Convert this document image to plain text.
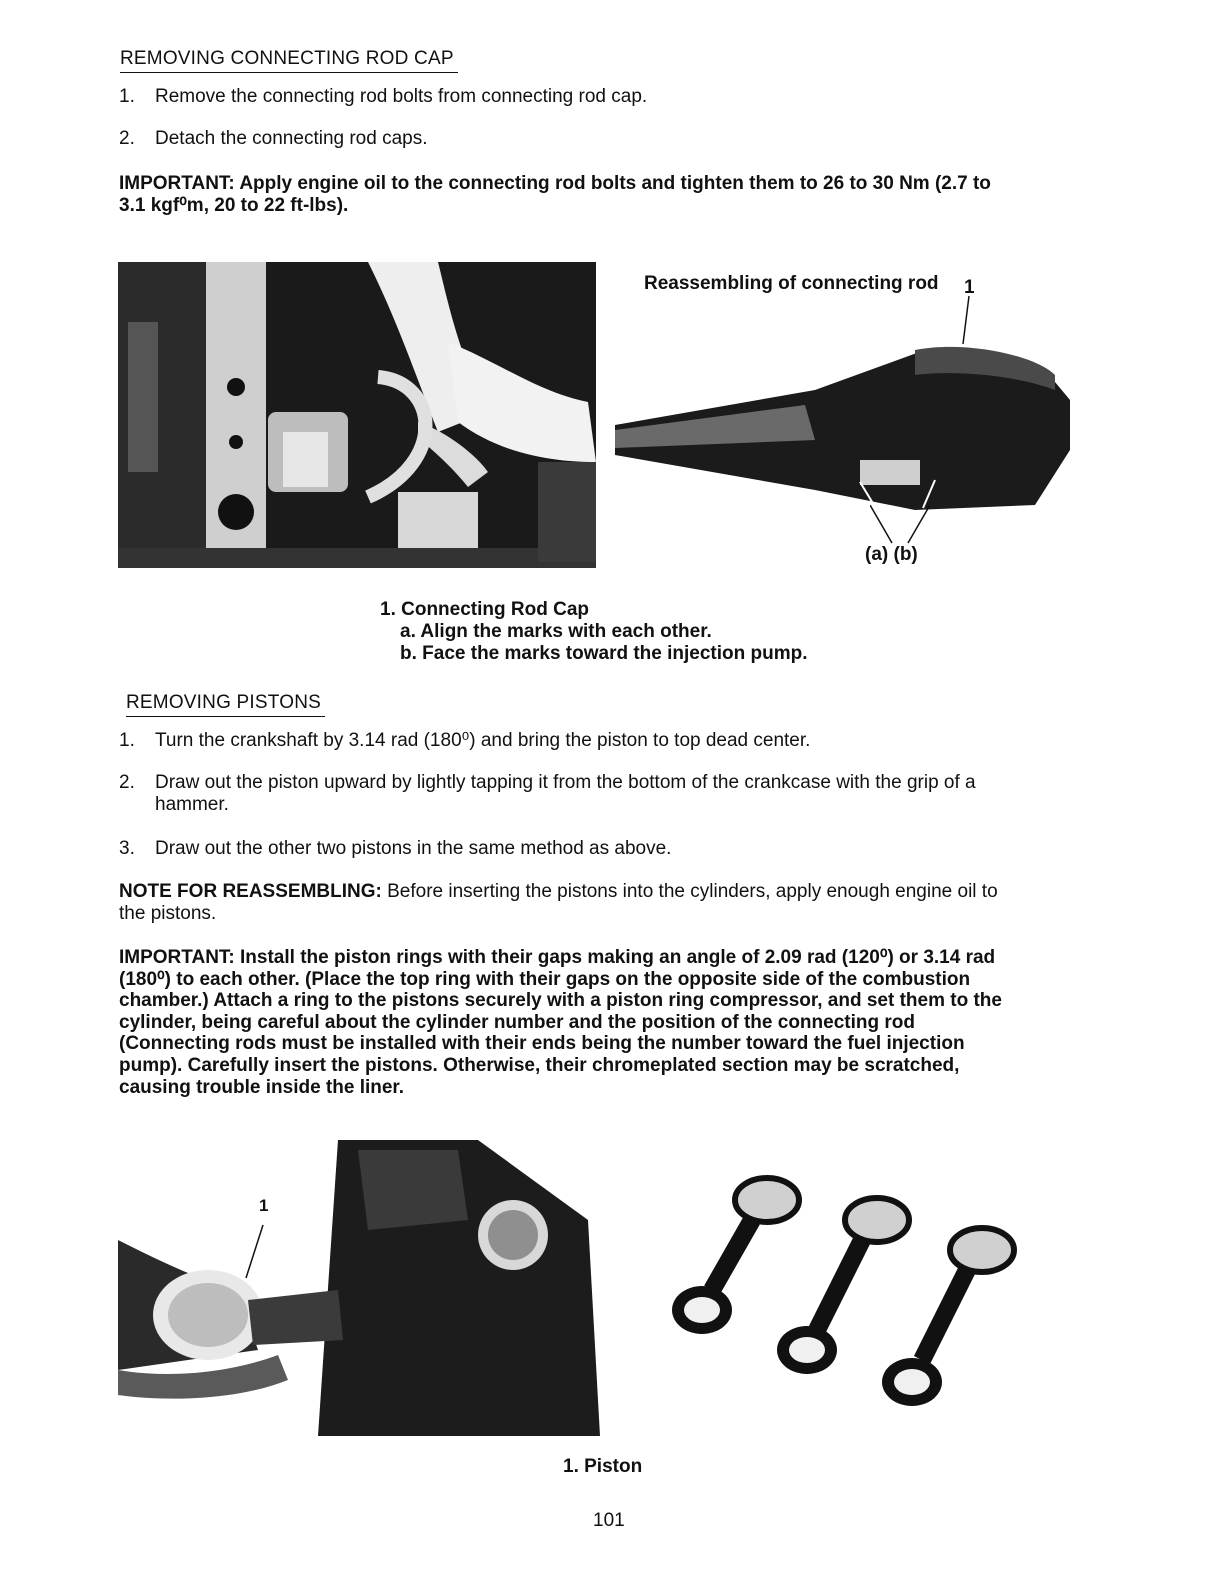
REMOVING CONNECTING ROD CAP
1. Remove the connecting rod bolts from connecting rod cap.
2. Detach the connecting rod caps.
IMPORTANT: Apply engine oil to the connecting rod bolts and tighten them to 26 to 30 Nm (2.7 to 3.1 kgf⁰m, 20 to 22 ft-lbs).
Reassembling of connecting rod 1
(a) (b)
1. Connecting Rod Cap
a. Align the marks with each other.
b. Face the marks toward the injection pump.
REMOVING PISTONS
1. Turn the crankshaft by 3.14 rad (180⁰) and bring the piston to top dead center.
2. Draw out the piston upward by lightly tapping it from the bottom of the crankcase with the grip of a hammer.
3. Draw out the other two pistons in the same method as above.
NOTE FOR REASSEMBLING: Before inserting the pistons into the cylinders, apply enough engine oil to the pistons.
IMPORTANT: Install the piston rings with their gaps making an angle of 2.09 rad (120⁰) or 3.14 rad (180⁰) to each other. (Place the top ring with their gaps on the opposite side of the combustion chamber.) Attach a ring to the pistons securely with a piston ring compressor, and set them to the cylinder, being careful about the cylinder number and the position of the connecting rod (Connecting rods must be installed with their ends being the number toward the fuel injection pump). Carefully insert the pistons. Otherwise, their chromeplated section may be scratched, causing trouble inside the liner.
1
1. Piston
101
